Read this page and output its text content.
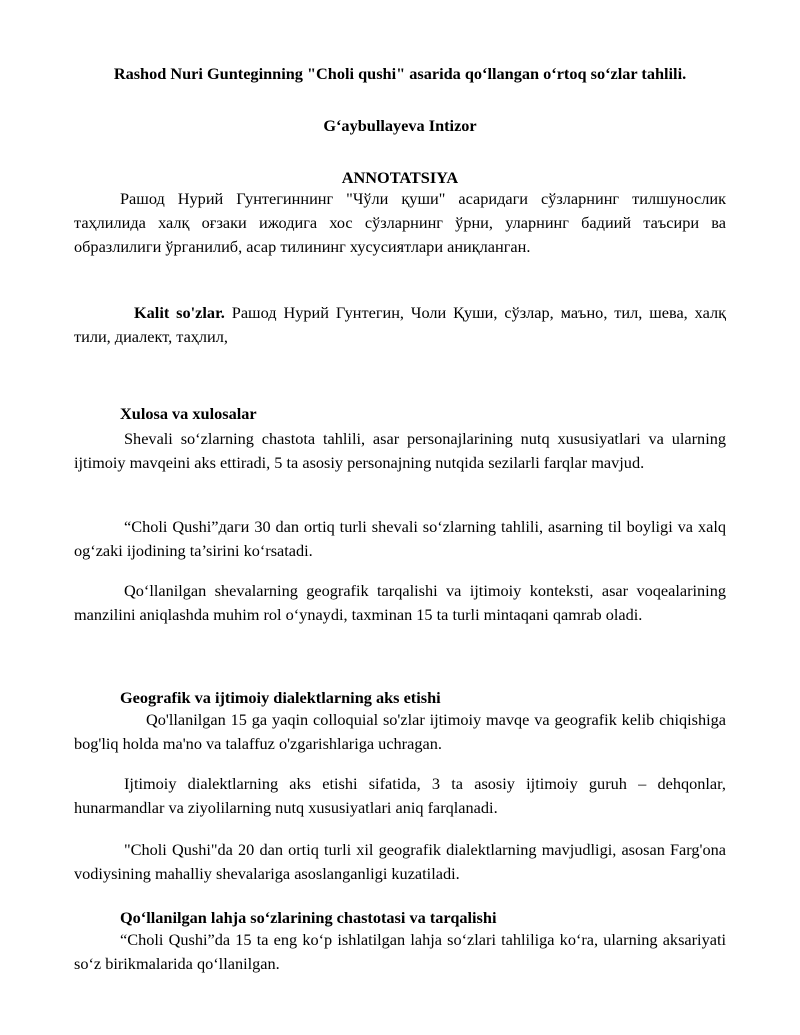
Rashod Nuri Gunteginning "Choli qushi" asarida qo‘llangan o‘rtoq so‘zlar tahlili.
G‘aybullayeva Intizor
ANNOTATSIYA
Рашод Нурий Гунтегиннинг "Чўли қуши" асаридаги сўзларнинг тилшунослик таҳлилида халқ оғзаки ижодига хос сўзларнинг ўрни, уларнинг бадиий таъсири ва образлилиги ўрганилиб, асар тилининг хусусиятлари аниқланган.
Kalit so'zlar. Рашод Нурий Гунтегин, Чоли Қуши, сўзлар, маъно, тил, шева, халқ тили, диалект, таҳлил,
Xulosa va xulosalar
Shevali so‘zlarning chastota tahlili, asar personajlarining nutq xususiyatlari va ularning ijtimoiy mavqeini aks ettiradi, 5 ta asosiy personajning nutqida sezilarli farqlar mavjud.
“Choli Qushi”даги 30 dan ortiq turli shevali so‘zlarning tahlili, asarning til boyligi va xalq og‘zaki ijodining ta’sirini ko‘rsatadi.
Qo‘llanilgan shevalarning geografik tarqalishi va ijtimoiy konteksti, asar voqealarining manzilini aniqlashda muhim rol o‘ynaydi, taxminan 15 ta turli mintaqani qamrab oladi.
Geografik va ijtimoiy dialektlarning aks etishi
Qo'llanilgan 15 ga yaqin colloquial so'zlar ijtimoiy mavqe va geografik kelib chiqishiga bog'liq holda ma'no va talaffuz o'zgarishlariga uchragan.
Ijtimoiy dialektlarning aks etishi sifatida, 3 ta asosiy ijtimoiy guruh – dehqonlar, hunarmandlar va ziyolilarning nutq xususiyatlari aniq farqlanadi.
"Choli Qushi"da 20 dan ortiq turli xil geografik dialektlarning mavjudligi, asosan Farg'ona vodiysining mahalliy shevalariga asoslanganligi kuzatiladi.
Qo‘llanilgan lahja so‘zlarining chastotasi va tarqalishi
“Choli Qushi”da 15 ta eng ko‘p ishlatilgan lahja so‘zlari tahliliga ko‘ra, ularning aksariyati so‘z birikmalarida qo‘llanilgan.
